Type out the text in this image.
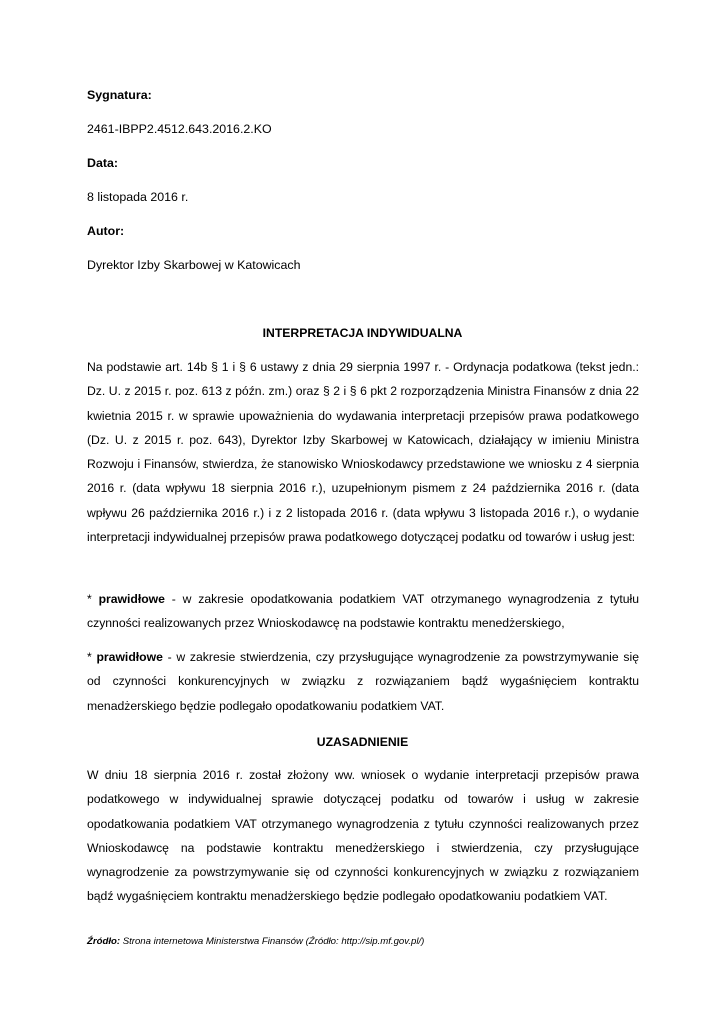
Sygnatura:
2461-IBPP2.4512.643.2016.2.KO
Data:
8 listopada 2016 r.
Autor:
Dyrektor Izby Skarbowej w Katowicach
INTERPRETACJA INDYWIDUALNA
Na podstawie art. 14b § 1 i § 6 ustawy z dnia 29 sierpnia 1997 r. - Ordynacja podatkowa (tekst jedn.: Dz. U. z 2015 r. poz. 613 z późn. zm.) oraz § 2 i § 6 pkt 2 rozporządzenia Ministra Finansów z dnia 22 kwietnia 2015 r. w sprawie upoważnienia do wydawania interpretacji przepisów prawa podatkowego (Dz. U. z 2015 r. poz. 643), Dyrektor Izby Skarbowej w Katowicach, działający w imieniu Ministra Rozwoju i Finansów, stwierdza, że stanowisko Wnioskodawcy przedstawione we wniosku z 4 sierpnia 2016 r. (data wpływu 18 sierpnia 2016 r.), uzupełnionym pismem z 24 października 2016 r. (data wpływu 26 października 2016 r.) i z 2 listopada 2016 r. (data wpływu 3 listopada 2016 r.), o wydanie interpretacji indywidualnej przepisów prawa podatkowego dotyczącej podatku od towarów i usług jest:
* prawidłowe - w zakresie opodatkowania podatkiem VAT otrzymanego wynagrodzenia z tytułu czynności realizowanych przez Wnioskodawcę na podstawie kontraktu menedżerskiego,
* prawidłowe - w zakresie stwierdzenia, czy przysługujące wynagrodzenie za powstrzymywanie się od czynności konkurencyjnych w związku z rozwiązaniem bądź wygaśnięciem kontraktu menadżerskiego będzie podlegało opodatkowaniu podatkiem VAT.
UZASADNIENIE
W dniu 18 sierpnia 2016 r. został złożony ww. wniosek o wydanie interpretacji przepisów prawa podatkowego w indywidualnej sprawie dotyczącej podatku od towarów i usług w zakresie opodatkowania podatkiem VAT otrzymanego wynagrodzenia z tytułu czynności realizowanych przez Wnioskodawcę na podstawie kontraktu menedżerskiego i stwierdzenia, czy przysługujące wynagrodzenie za powstrzymywanie się od czynności konkurencyjnych w związku z rozwiązaniem bądź wygaśnięciem kontraktu menadżerskiego będzie podlegało opodatkowaniu podatkiem VAT.
Źródło: Strona internetowa Ministerstwa Finansów (Źródło: http://sip.mf.gov.pl/)
